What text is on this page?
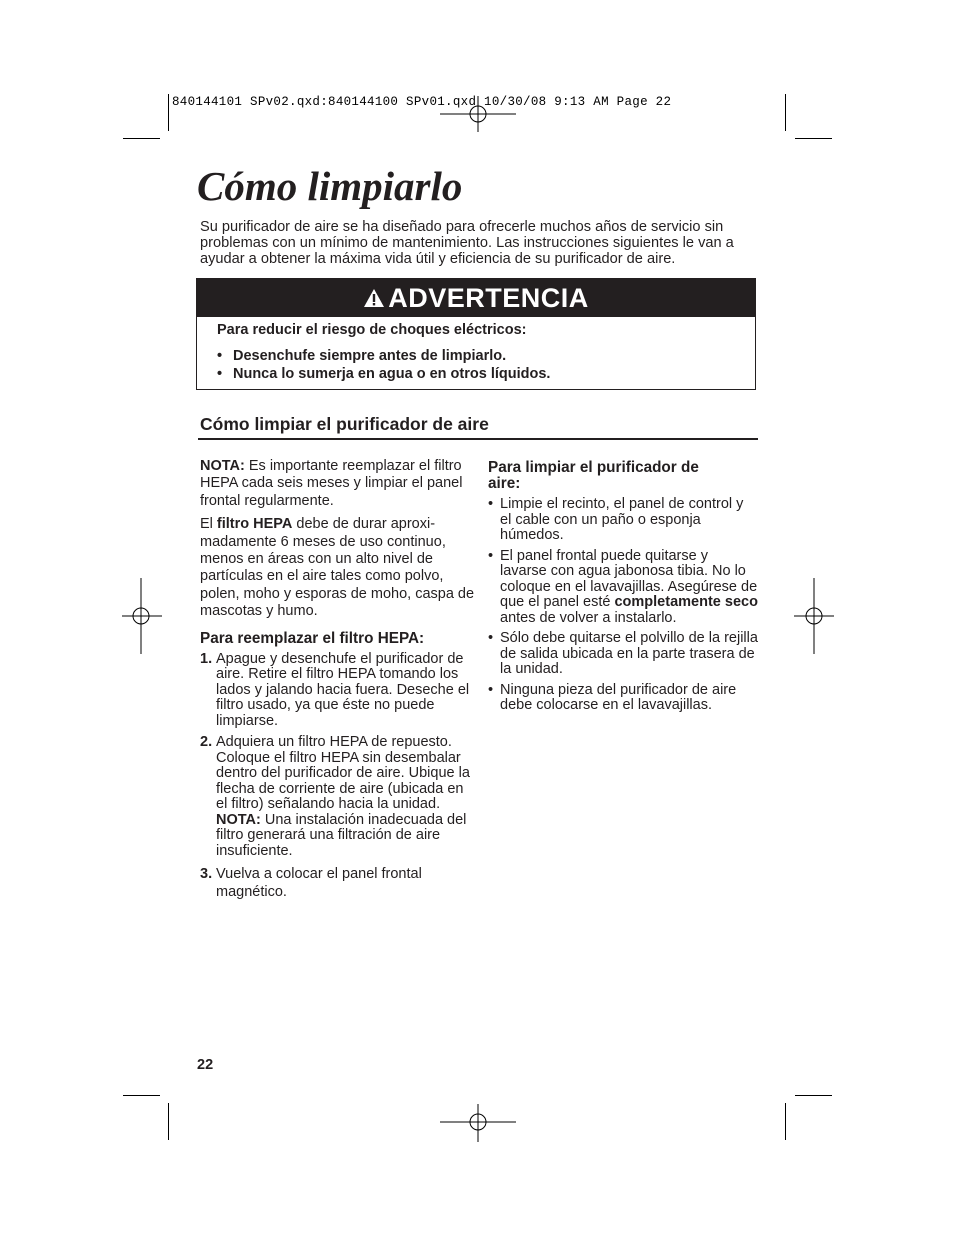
840144101 SPv02.qxd:840144100 SPv01.qxd 10/30/08 9:13 AM Page 22
Cómo limpiarlo
Su purificador de aire se ha diseñado para ofrecerle muchos años de servicio sin problemas con un mínimo de mantenimiento. Las instrucciones siguientes le van a ayudar a obtener la máxima vida útil y eficiencia de su purificador de aire.
ADVERTENCIA

Para reducir el riesgo de choques eléctricos:

• Desenchufe siempre antes de limpiarlo.
• Nunca lo sumerja en agua o en otros líquidos.
Cómo limpiar el purificador de aire

NOTA: Es importante reemplazar el filtro HEPA cada seis meses y limpiar el panel frontal regularmente.

El filtro HEPA debe de durar aproxi-madamente 6 meses de uso continuo, menos en áreas con un alto nivel de partículas en el aire tales como polvo, polen, moho y esporas de moho, caspa de mascotas y humo.

Para reemplazar el filtro HEPA:
1. Apague y desenchufe el purificador de aire. Retire el filtro HEPA tomando los lados y jalando hacia fuera. Deseche el filtro usado, ya que éste no puede limpiarse.
2. Adquiera un filtro HEPA de repuesto. Coloque el filtro HEPA sin desembalar dentro del purificador de aire. Ubique la flecha de corriente de aire (ubicada en el filtro) señalando hacia la unidad. NOTA: Una instalación inadecuada del filtro generará una filtración de aire insuficiente.
3. Vuelva a colocar el panel frontal magnético.
Para limpiar el purificador de aire:
• Limpie el recinto, el panel de control y el cable con un paño o esponja húmedos.
• El panel frontal puede quitarse y lavarse con agua jabonosa tibia. No lo coloque en el lavavajillas. Asegúrese de que el panel esté completamente seco antes de volver a instalarlo.
• Sólo debe quitarse el polvillo de la rejilla de salida ubicada en la parte trasera de la unidad.
• Ninguna pieza del purificador de aire debe colocarse en el lavavajillas.
22
